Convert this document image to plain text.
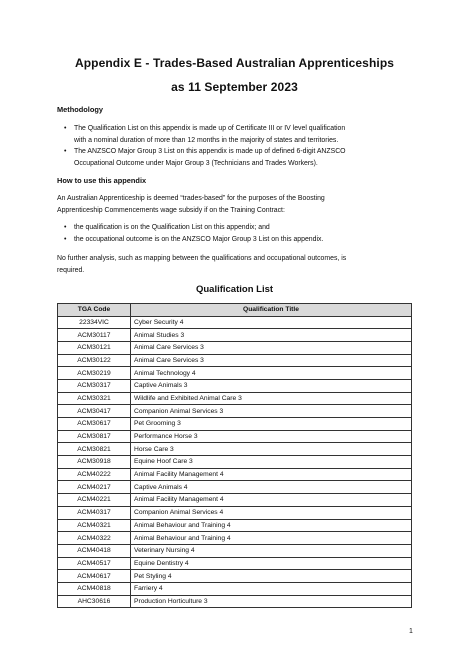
Appendix E - Trades-Based Australian Apprenticeships
as 11 September 2023
Methodology
• The Qualification List on this appendix is made up of Certificate III or IV level qualification
with a nominal duration of more than 12 months in the majority of states and territories.
• The ANZSCO Major Group 3 List on this appendix is made up of defined 6-digit ANZSCO
Occupational Outcome under Major Group 3 (Technicians and Trades Workers).
How to use this appendix
An Australian Apprenticeship is deemed “trades-based” for the purposes of the Boosting
Apprenticeship Commencements wage subsidy if on the Training Contract:
• the qualification is on the Qualification List on this appendix; and
• the occupational outcome is on the ANZSCO Major Group 3 List on this appendix.
No further analysis, such as mapping between the qualifications and occupational outcomes, is
required.
Qualification List
TGA Code	Qualification Title
22334VIC	Cyber Security 4
ACM30117	Animal Studies 3
ACM30121	Animal Care Services 3
ACM30122	Animal Care Services 3
ACM30219	Animal Technology 4
ACM30317	Captive Animals 3
ACM30321	Wildlife and Exhibited Animal Care 3
ACM30417	Companion Animal Services 3
ACM30617	Pet Grooming 3
ACM30817	Performance Horse 3
ACM30821	Horse Care 3
ACM30918	Equine Hoof Care 3
ACM40222	Animal Facility Management 4
ACM40217	Captive Animals 4
ACM40221	Animal Facility Management 4
ACM40317	Companion Animal Services 4
ACM40321	Animal Behaviour and Training 4
ACM40322	Animal Behaviour and Training 4
ACM40418	Veterinary Nursing 4
ACM40517	Equine Dentistry 4
ACM40617	Pet Styling 4
ACM40818	Farriery 4
AHC30616	Production Horticulture 3
1
